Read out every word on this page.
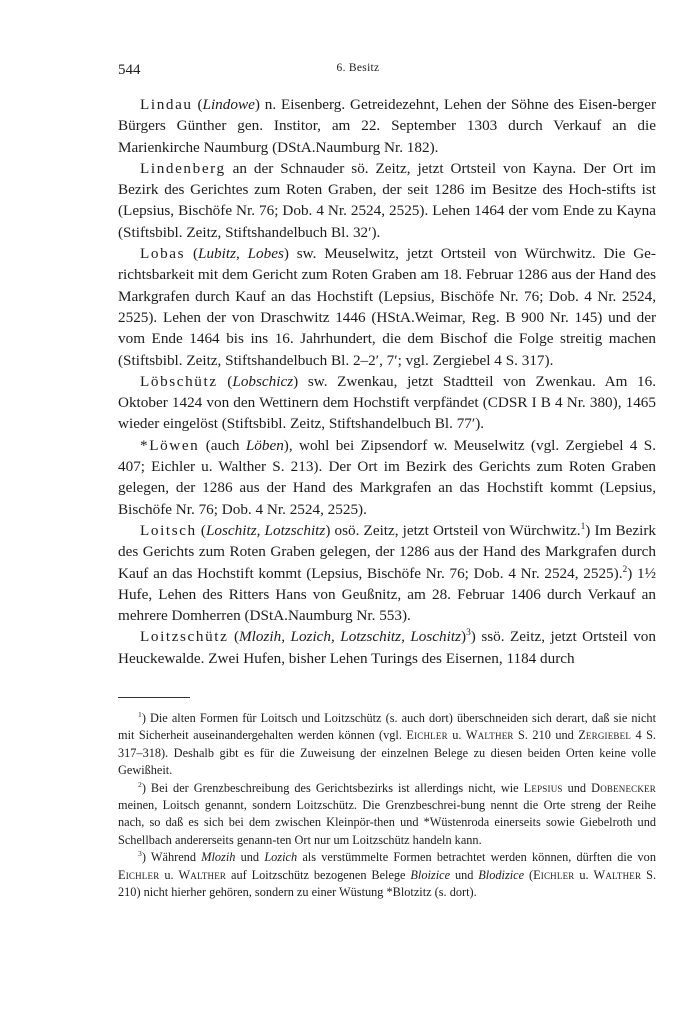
544	6. Besitz

Lindau (Lindowe) n. Eisenberg. Getreidezehnt, Lehen der Söhne des Eisen-berger Bürgers Günther gen. Institor, am 22. September 1303 durch Verkauf an die Marienkirche Naumburg (DStA.Naumburg Nr. 182).

Lindenberg an der Schnauder sö. Zeitz, jetzt Ortsteil von Kayna. Der Ort im Bezirk des Gerichtes zum Roten Graben, der seit 1286 im Besitze des Hoch-stifts ist (Lepsius, Bischöfe Nr. 76; Dob. 4 Nr. 2524, 2525). Lehen 1464 der vom Ende zu Kayna (Stiftsbibl. Zeitz, Stiftshandelbuch Bl. 32′).

Lobas (Lubitz, Lobes) sw. Meuselwitz, jetzt Ortsteil von Würchwitz. Die Ge-richtsbarkeit mit dem Gericht zum Roten Graben am 18. Februar 1286 aus der Hand des Markgrafen durch Kauf an das Hochstift (Lepsius, Bischöfe Nr. 76; Dob. 4 Nr. 2524, 2525). Lehen der von Draschwitz 1446 (HStA.Weimar, Reg. B 900 Nr. 145) und der vom Ende 1464 bis ins 16. Jahrhundert, die dem Bischof die Folge streitig machen (Stiftsbibl. Zeitz, Stiftshandelbuch Bl. 2–2′, 7′; vgl. Zergiebel 4 S. 317).

Löbschütz (Lobschicz) sw. Zwenkau, jetzt Stadtteil von Zwenkau. Am 16. Oktober 1424 von den Wettinern dem Hochstift verpfändet (CDSR I B 4 Nr. 380), 1465 wieder eingelöst (Stiftsbibl. Zeitz, Stiftshandelbuch Bl. 77′).

*Löwen (auch Löben), wohl bei Zipsendorf w. Meuselwitz (vgl. Zergiebel 4 S. 407; Eichler u. Walther S. 213). Der Ort im Bezirk des Gerichts zum Roten Graben gelegen, der 1286 aus der Hand des Markgrafen an das Hochstift kommt (Lepsius, Bischöfe Nr. 76; Dob. 4 Nr. 2524, 2525).

Loitsch (Loschitz, Lotzschitz) osö. Zeitz, jetzt Ortsteil von Würchwitz.$^1$) Im Bezirk des Gerichts zum Roten Graben gelegen, der 1286 aus der Hand des Markgrafen durch Kauf an das Hochstift kommt (Lepsius, Bischöfe Nr. 76; Dob. 4 Nr. 2524, 2525).$^2$) 1½ Hufe, Lehen des Ritters Hans von Geußnitz, am 28. Februar 1406 durch Verkauf an mehrere Domherren (DStA.Naumburg Nr. 553).

Loitzschütz (Mlozih, Lozich, Lotzschitz, Loschitz)$^3$) ssö. Zeitz, jetzt Ortsteil von Heuckewalde. Zwei Hufen, bisher Lehen Turings des Eisernen, 1184 durch

$^1$) Die alten Formen für Loitsch und Loitzschütz (s. auch dort) überschneiden sich derart, daß sie nicht mit Sicherheit auseinandergehalten werden können (vgl. Eichler u. Walther S. 210 und Zergiebel 4 S. 317–318). Deshalb gibt es für die Zuweisung der einzelnen Belege zu diesen beiden Orten keine volle Gewißheit.

$^2$) Bei der Grenzbeschreibung des Gerichtsbezirks ist allerdings nicht, wie Lepsius und Dobenecker meinen, Loitsch genannt, sondern Loitzschütz. Die Grenzbeschrei-bung nennt die Orte streng der Reihe nach, so daß es sich bei dem zwischen Kleinpör-then und *Wüstenroda einerseits sowie Giebelroth und Schellbach andererseits genann-ten Ort nur um Loitzschütz handeln kann.

$^3$) Während Mlozih und Lozich als verstümmelte Formen betrachtet werden können, dürften die von Eichler u. Walther auf Loitzschütz bezogenen Belege Bloizice und Blodizice (Eichler u. Walther S. 210) nicht hierher gehören, sondern zu einer Wüstung *Blotzitz (s. dort).
